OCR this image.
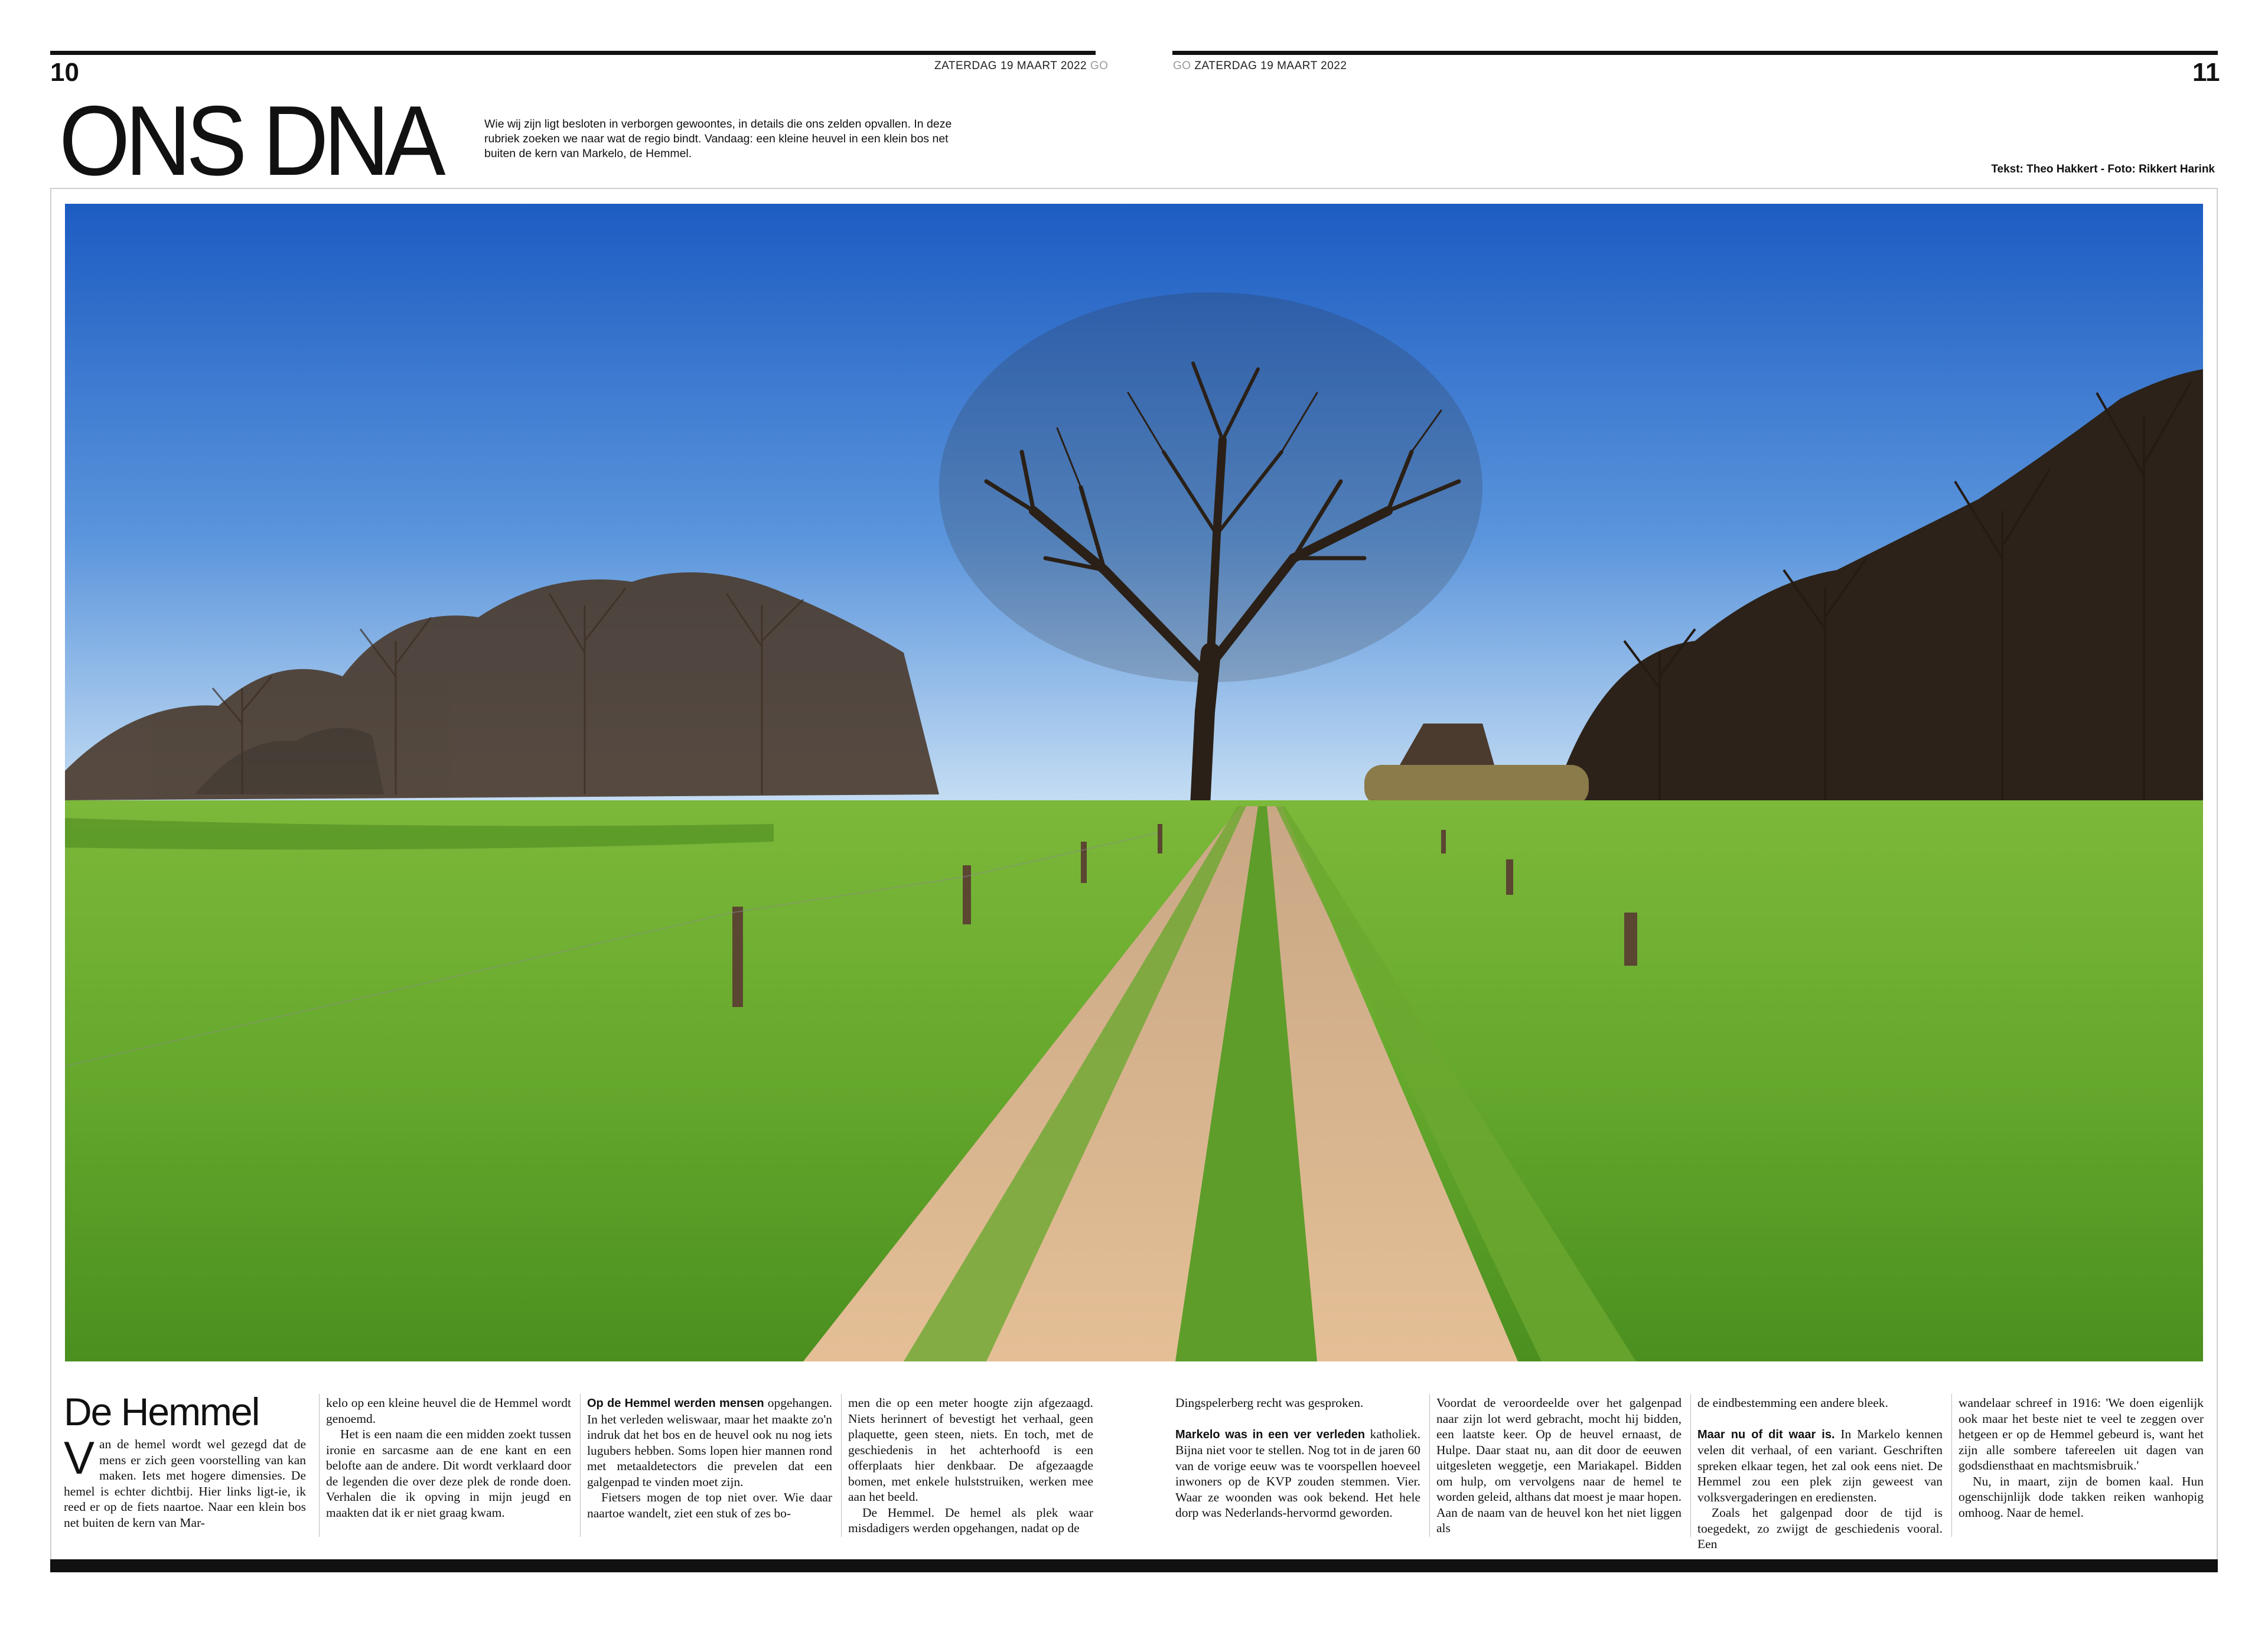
10	ZATERDAG 19 MAART 2022 GO	GO ZATERDAG 19 MAART 2022	11
ONS DNA	Wie wij zijn ligt besloten in verborgen gewoontes, in details die ons zelden opvallen. In deze rubriek zoeken we naar wat de regio bindt. Vandaag: een kleine heuvel in een klein bos net buiten de kern van Markelo, de Hemmel.
Tekst: Theo Hakkert - Foto: Rikkert Harink
De Hemmel
V an de hemel wordt wel gezegd dat de mens er zich geen voorstelling van kan maken. Iets met hogere dimensies. De hemel is echter dichtbij. Hier links ligt-ie, ik reed er op de fiets naartoe. Naar een klein bos net buiten de kern van Mar-
kelo op een kleine heuvel die de Hemmel wordt genoemd.
Het is een naam die een midden zoekt tussen ironie en sarcasme aan de ene kant en een belofte aan de andere. Dit wordt verklaard door de legenden die over deze plek de ronde doen. Verhalen die ik opving in mijn jeugd en maakten dat ik er niet graag kwam.
Op de Hemmel werden mensen opgehangen. In het verleden weliswaar, maar het maakte zo'n indruk dat het bos en de heuvel ook nu nog iets lugubers hebben. Soms lopen hier mannen rond met metaaldetectors die prevelen dat een galgenpad te vinden moet zijn.
Fietsers mogen de top niet over. Wie daar naartoe wandelt, ziet een stuk of zes bo-
men die op een meter hoogte zijn afgezaagd. Niets herinnert of bevestigt het verhaal, geen plaquette, geen steen, niets. En toch, met de geschiedenis in het achterhoofd is een offerplaats hier denkbaar. De afgezaagde bomen, met enkele hulststruiken, werken mee aan het beeld.
De Hemmel. De hemel als plek waar misdadigers werden opgehangen, nadat op de
Dingspelerberg recht was gesproken.
Markelo was in een ver verleden katholiek. Bijna niet voor te stellen. Nog tot in de jaren 60 van de vorige eeuw was te voorspellen hoeveel inwoners op de KVP zouden stemmen. Vier. Waar ze woonden was ook bekend. Het hele dorp was Nederlands-hervormd geworden.
Voordat de veroordeelde over het galgenpad naar zijn lot werd gebracht, mocht hij bidden, een laatste keer. Op de heuvel ernaast, de Hulpe. Daar staat nu, aan dit door de eeuwen uitgesleten weggetje, een Mariakapel. Bidden om hulp, om vervolgens naar de hemel te worden geleid, althans dat moest je maar hopen. Aan de naam van de heuvel kon het niet liggen als
de eindbestemming een andere bleek.
Maar nu of dit waar is. In Markelo kennen velen dit verhaal, of een variant. Geschriften spreken elkaar tegen, het zal ook eens niet. De Hemmel zou een plek zijn geweest van volksvergaderingen en erediensten.
Zoals het galgenpad door de tijd is toegedekt, zo zwijgt de geschiedenis vooral. Een
wandelaar schreef in 1916: 'We doen eigenlijk ook maar het beste niet te veel te zeggen over hetgeen er op de Hemmel gebeurd is, want het zijn alle sombere tafereelen uit dagen van godsdiensthaat en machtsmisbruik.'
Nu, in maart, zijn de bomen kaal. Hun ogenschijnlijk dode takken reiken wanhopig omhoog. Naar de hemel.
